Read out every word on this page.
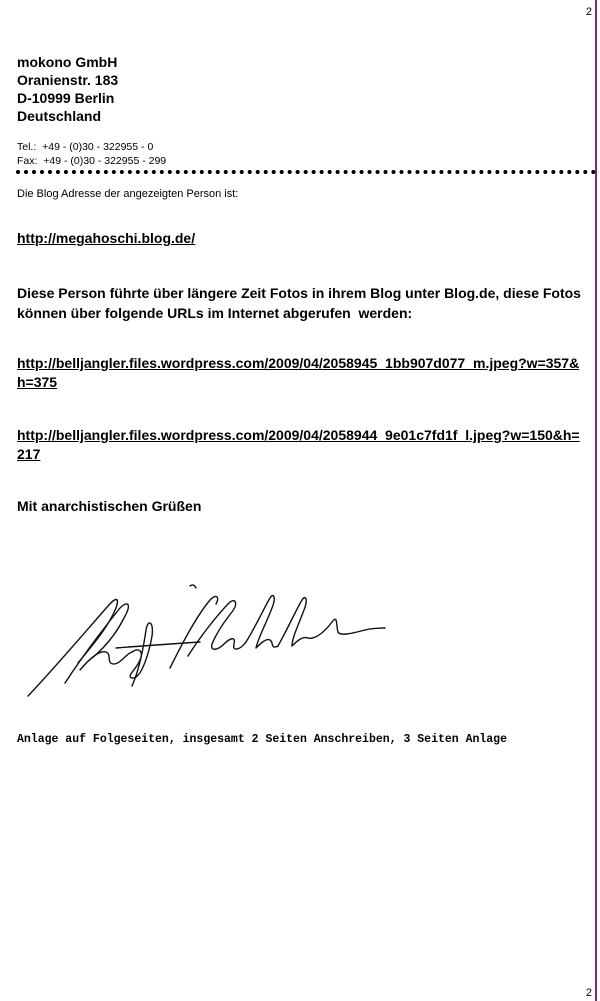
2
mokono GmbH
Oranienstr. 183
D-10999 Berlin
Deutschland
Tel.:  +49 - (0)30 - 322955 - 0
Fax:  +49 - (0)30 - 322955 - 299
Die Blog Adresse der angezeigten Person ist:
http://megahoschi.blog.de/
Diese Person führte über längere Zeit Fotos in ihrem Blog unter Blog.de, diese Fotos können über folgende URLs im Internet abgerufen  werden:
http://belljangler.files.wordpress.com/2009/04/2058945_1bb907d077_m.jpeg?w=357&h=375
http://belljangler.files.wordpress.com/2009/04/2058944_9e01c7fd1f_l.jpeg?w=150&h=217
Mit anarchistischen Grüßen
Anlage auf Folgeseiten, insgesamt 2 Seiten Anschreiben, 3 Seiten Anlage
2
